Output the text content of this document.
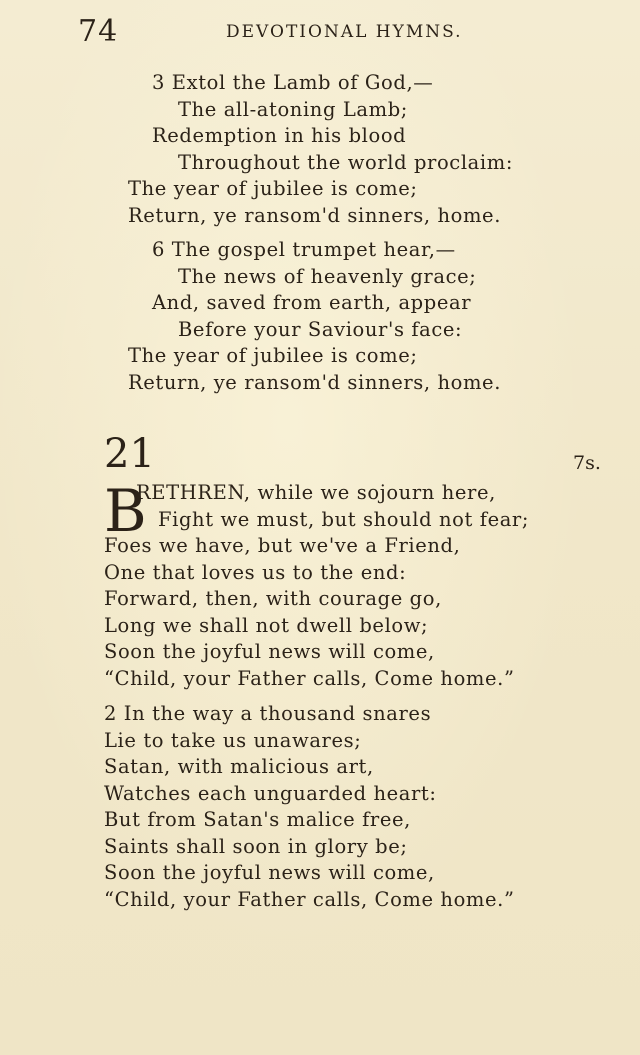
74	DEVOTIONAL HYMNS.
3 Extol the Lamb of God,—
The all-atoning Lamb;
Redemption in his blood
Throughout the world proclaim:
The year of jubilee is come;
Return, ye ransom'd sinners, home.
6 The gospel trumpet hear,—
The news of heavenly grace;
And, saved from earth, appear
Before your Saviour's face:
The year of jubilee is come;
Return, ye ransom'd sinners, home.
21	7s.
B
RETHREN, while we sojourn here,
Fight we must, but should not fear;
Foes we have, but we've a Friend,
One that loves us to the end:
Forward, then, with courage go,
Long we shall not dwell below;
Soon the joyful news will come,
“Child, your Father calls, Come home.”
2 In the way a thousand snares
Lie to take us unawares;
Satan, with malicious art,
Watches each unguarded heart:
But from Satan's malice free,
Saints shall soon in glory be;
Soon the joyful news will come,
“Child, your Father calls, Come home.”
